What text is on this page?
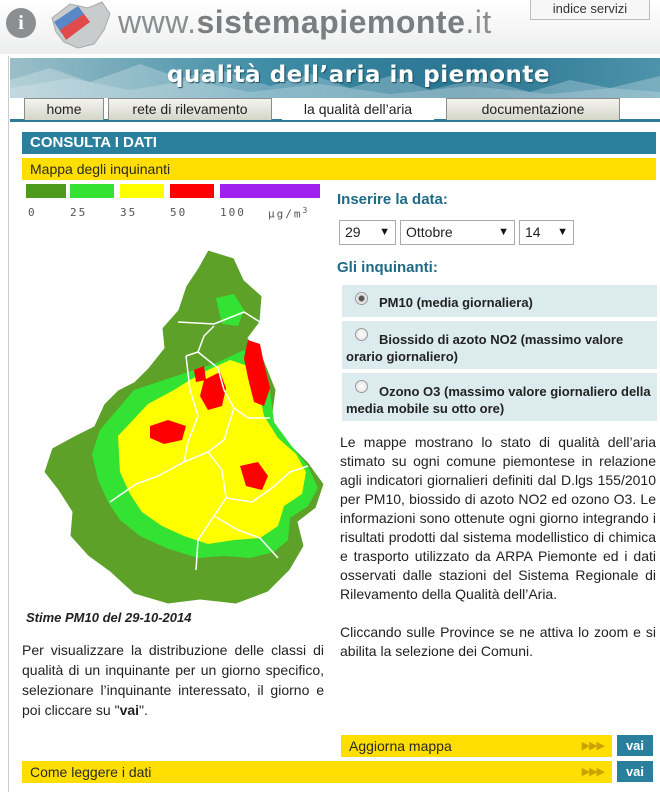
i	www.sistemapiemonte.it	indice servizi
qualità dell’aria in piemonte
home	rete di rilevamento	la qualità dell’aria	documentazione
CONSULTA I DATI
Mappa degli inquinanti
0	25	35	50	100 $\mu g/m^3$
Stime PM10 del 29-10-2014
Per visualizzare la distribuzione delle classi di qualità di un inquinante per un giorno specifico, selezionare l’inquinante interessato, il giorno e poi cliccare su "vai".
Inserire la data:
29 ▼	Ottobre	▼	14 ▼
Gli inquinanti:
PM10 (media giornaliera)
Biossido di azoto NO2 (massimo valore orario giornaliero)
Ozono O3 (massimo valore giornaliero della media mobile su otto ore)

Le mappe mostrano lo stato di qualità dell’aria stimato su ogni comune piemontese in relazione agli indicatori giornalieri definiti dal D.lgs 155/2010 per PM10, biossido di azoto NO2 ed ozono O3. Le informazioni sono ottenute ogni giorno integrando i risultati prodotti dal sistema modellistico di chimica e trasporto utilizzato da ARPA Piemonte ed i dati osservati dalle stazioni del Sistema Regionale di Rilevamento della Qualità dell’Aria.

Cliccando sulle Province se ne attiva lo zoom e si abilita la selezione dei Comuni.

Aggiorna mappa	▶▶▶	vai
Come leggere i dati	▶▶▶	vai
